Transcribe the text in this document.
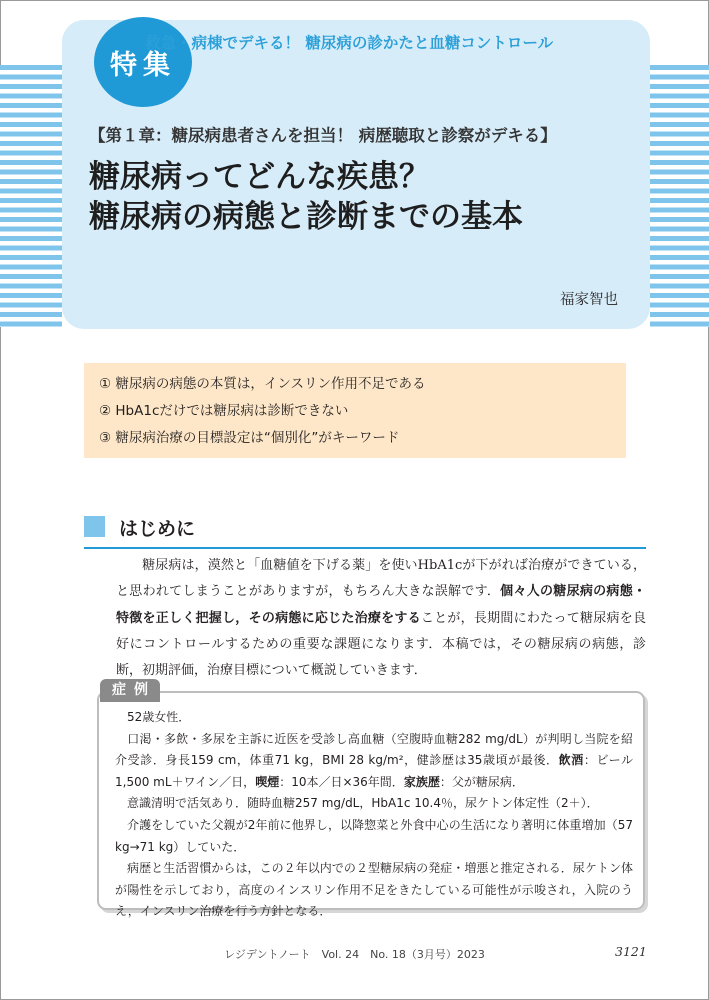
特集
救急・病棟でデキる！ 糖尿病の診かたと血糖コントロール
【第１章：糖尿病患者さんを担当！ 病歴聴取と診察がデキる】
糖尿病ってどんな疾患？
糖尿病の病態と診断までの基本
福家智也
① 糖尿病の病態の本質は，インスリン作用不足である
② HbA1cだけでは糖尿病は診断できない
③ 糖尿病治療の目標設定は“個別化”がキーワード
はじめに
糖尿病は，漠然と「血糖値を下げる薬」を使いHbA1cが下がれば治療ができている，と思われてしまうことがありますが，もちろん大きな誤解です．個々人の糖尿病の病態・特徴を正しく把握し，その病態に応じた治療をすることが，長期間にわたって糖尿病を良好にコントロールするための重要な課題になります．本稿では，その糖尿病の病態，診断，初期評価，治療目標について概説していきます．
症例

52歳女性．

口渇・多飲・多尿を主訴に近医を受診し高血糖（空腹時血糖282 mg/dL）が判明し当院を紹介受診．身長159 cm，体重71 kg，BMI 28 kg/m²，健診歴は35歳頃が最後．飲酒：ビール1,500 mL＋ワイン／日，喫煙：10本／日×36年間．家族歴：父が糖尿病．

意識清明で活気あり．随時血糖257 mg/dL，HbA1c 10.4％，尿ケトン体定性（2＋）．

介護をしていた父親が2年前に他界し，以降惣菜と外食中心の生活になり著明に体重増加（57 kg→71 kg）していた．

病歴と生活習慣からは，この２年以内での２型糖尿病の発症・増悪と推定される．尿ケトン体が陽性を示しており，高度のインスリン作用不足をきたしている可能性が示唆され，入院のうえ，インスリン治療を行う方針となる．

レジデントノート　Vol. 24　No. 18（3月号）2023	3121
